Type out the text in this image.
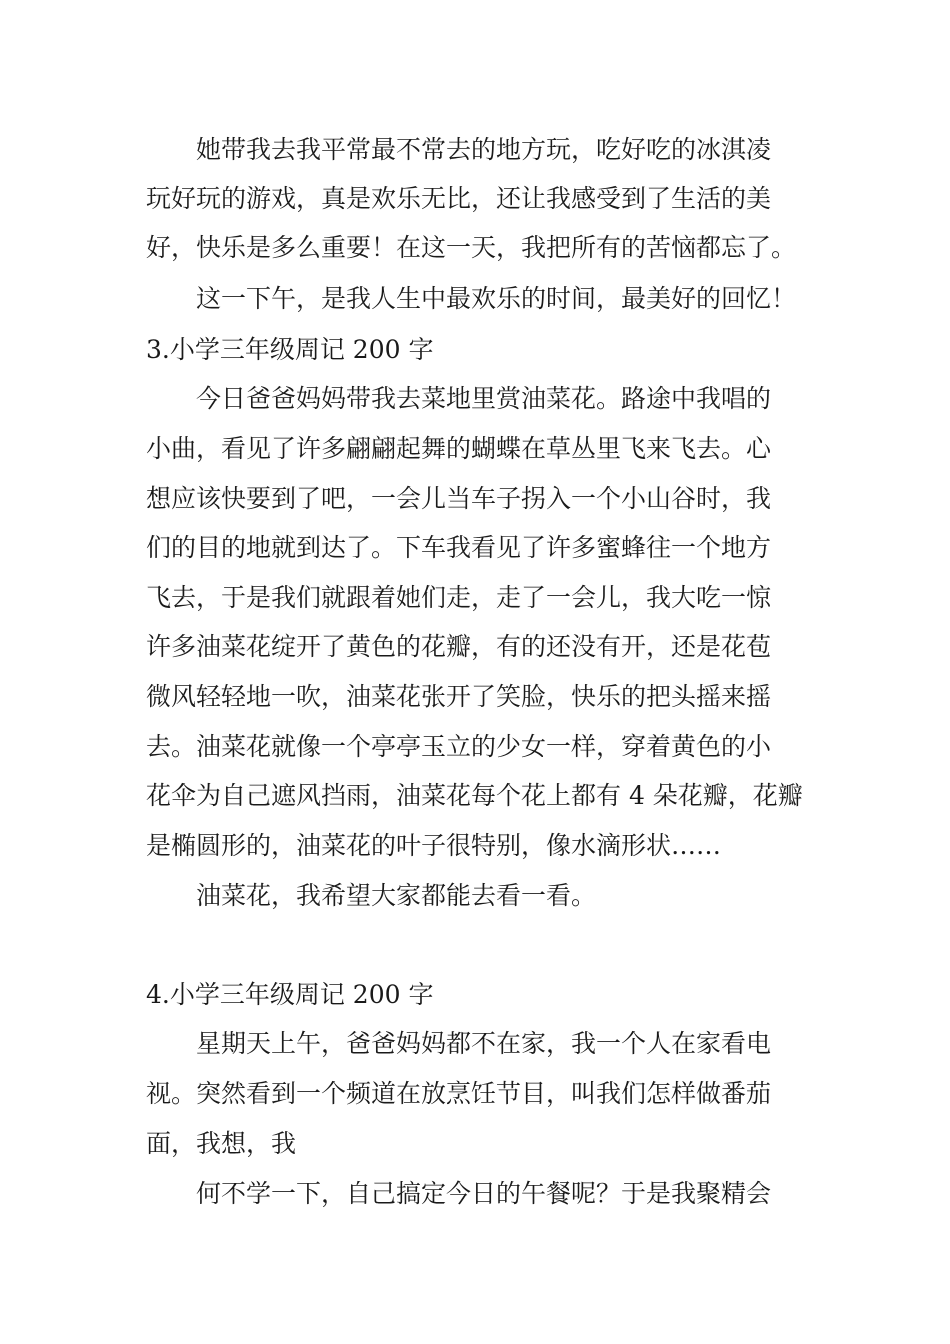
她带我去我平常最不常去的地方玩，吃好吃的冰淇凌

玩好玩的游戏，真是欢乐无比，还让我感受到了生活的美

好，快乐是多么重要！在这一天，我把所有的苦恼都忘了。

这一下午，是我人生中最欢乐的时间，最美好的回忆！

3.小学三年级周记 200 字

今日爸爸妈妈带我去菜地里赏油菜花。路途中我唱的

小曲，看见了许多翩翩起舞的蝴蝶在草丛里飞来飞去。心

想应该快要到了吧，一会儿当车子拐入一个小山谷时，我

们的目的地就到达了。下车我看见了许多蜜蜂往一个地方

飞去，于是我们就跟着她们走，走了一会儿，我大吃一惊

许多油菜花绽开了黄色的花瓣，有的还没有开，还是花苞

微风轻轻地一吹，油菜花张开了笑脸，快乐的把头摇来摇

去。油菜花就像一个亭亭玉立的少女一样，穿着黄色的小

花伞为自己遮风挡雨，油菜花每个花上都有 4 朵花瓣，花瓣

是椭圆形的，油菜花的叶子很特别，像水滴形状……

油菜花，我希望大家都能去看一看。

4.小学三年级周记 200 字

星期天上午，爸爸妈妈都不在家，我一个人在家看电

视。突然看到一个频道在放烹饪节目，叫我们怎样做番茄

面，我想，我

何不学一下，自己搞定今日的午餐呢？于是我聚精会
